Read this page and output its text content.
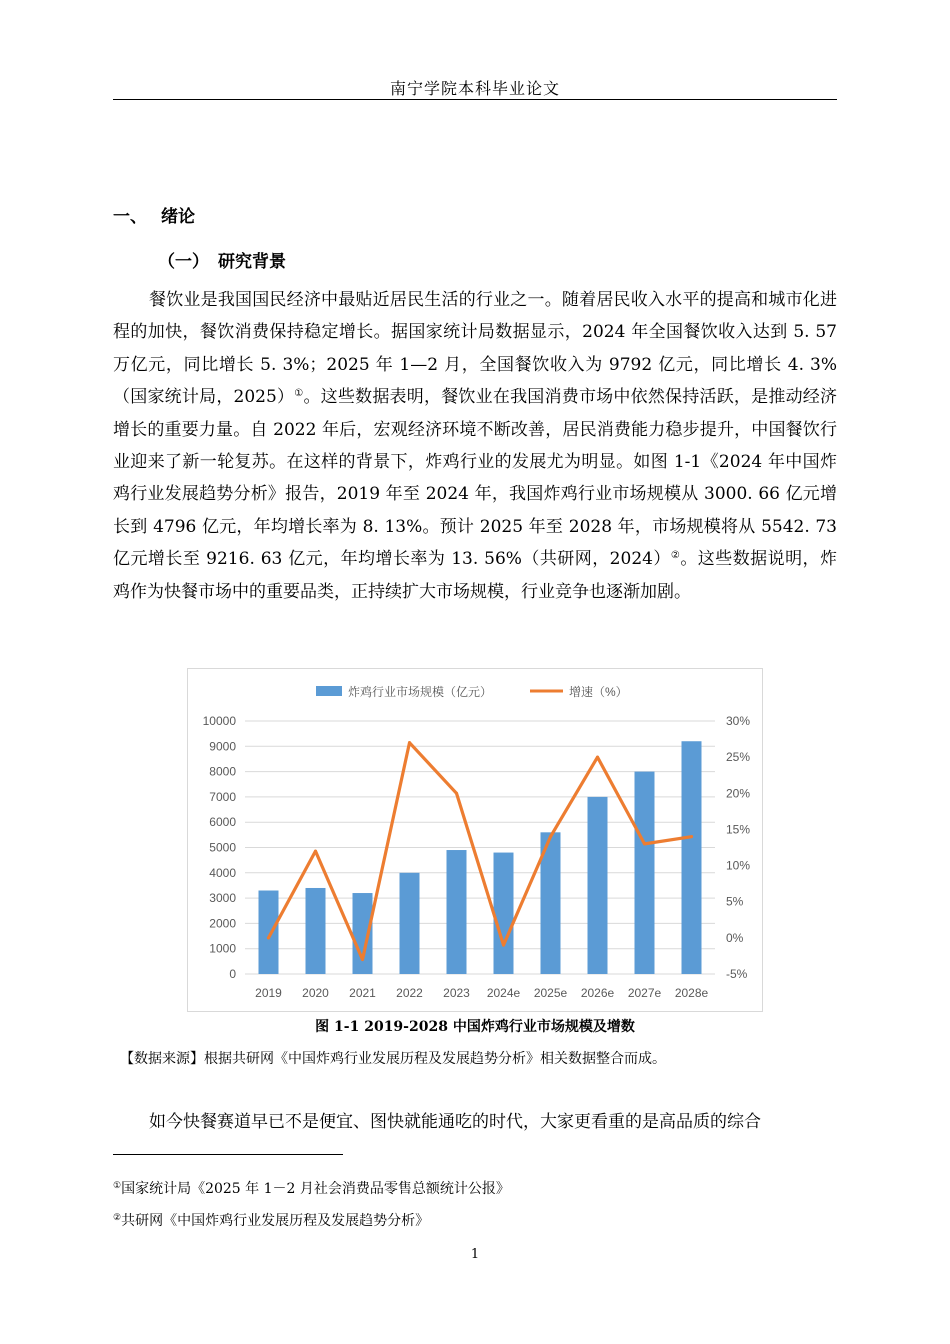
南宁学院本科毕业论文
一、 绪论
（一） 研究背景
餐饮业是我国国民经济中最贴近居民生活的行业之一。随着居民收入水平的提高和城市化进程的加快，餐饮消费保持稳定增长。据国家统计局数据显示，2024 年全国餐饮收入达到 5. 57 万亿元，同比增长 5. 3%；2025 年 1—2 月，全国餐饮收入为 9792 亿元，同比增长 4. 3%（国家统计局，2025）①。这些数据表明，餐饮业在我国消费市场中依然保持活跃，是推动经济增长的重要力量。自 2022 年后，宏观经济环境不断改善，居民消费能力稳步提升，中国餐饮行业迎来了新一轮复苏。在这样的背景下，炸鸡行业的发展尤为明显。如图 1-1《2024 年中国炸鸡行业发展趋势分析》报告，2019 年至 2024 年，我国炸鸡行业市场规模从 3000. 66 亿元增长到 4796 亿元，年均增长率为 8. 13%。预计 2025 年至 2028 年，市场规模将从 5542. 73 亿元增长至 9216. 63 亿元，年均增长率为 13. 56%（共研网，2024）②。这些数据说明，炸鸡作为快餐市场中的重要品类，正持续扩大市场规模，行业竞争也逐渐加剧。
0
1000
2000
3000
4000
5000
6000
7000
8000
9000
10000
-5%
0%
5%
10%
15%
20%
25%
30%
2019 2020 2021 2022 2023 2024e 2025e 2026e 2027e 2028e
炸鸡行业市场规模（亿元）	增速（%）
图 1-1 2019-2028 中国炸鸡行业市场规模及增数
【数据来源】根据共研网《中国炸鸡行业发展历程及发展趋势分析》相关数据整合而成。
如今快餐赛道早已不是便宜、图快就能通吃的时代，大家更看重的是高品质的综合
①国家统计局《2025 年 1－2 月社会消费品零售总额统计公报》
②共研网《中国炸鸡行业发展历程及发展趋势分析》
1
